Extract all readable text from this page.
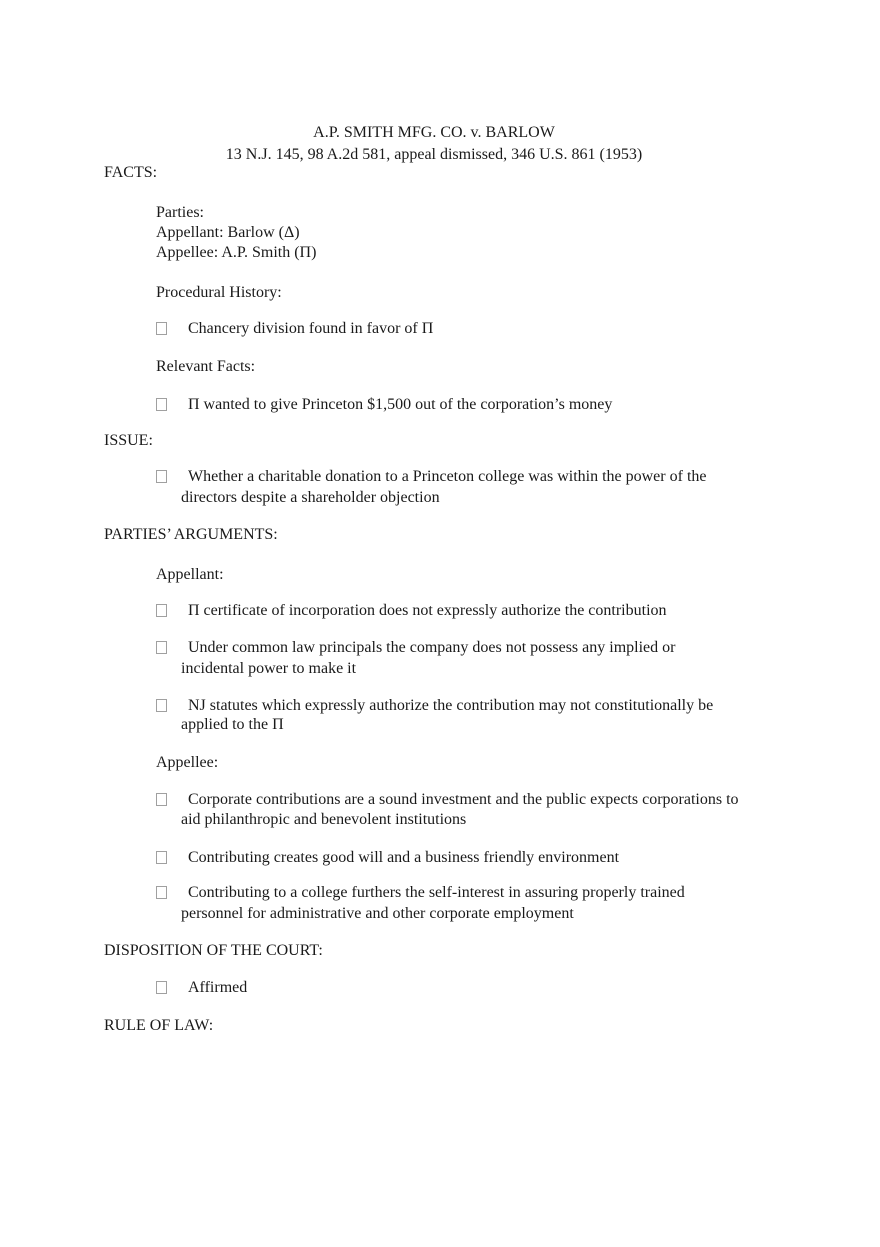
A.P. SMITH MFG. CO. v. BARLOW
13 N.J. 145, 98 A.2d 581, appeal dismissed, 346 U.S. 861 (1953)
FACTS:
Parties:
Appellant: Barlow (Δ)
Appellee: A.P. Smith (Π)
Procedural History:
Chancery division found in favor of Π
Relevant Facts:
Π wanted to give Princeton $1,500 out of the corporation’s money
ISSUE:
Whether a charitable donation to a Princeton college was within the power of the
directors despite a shareholder objection
PARTIES’ ARGUMENTS:
Appellant:
Π certificate of incorporation does not expressly authorize the contribution
Under common law principals the company does not possess any implied or
incidental power to make it
NJ statutes which expressly authorize the contribution may not constitutionally be
applied to the Π
Appellee:
Corporate contributions are a sound investment and the public expects corporations to
aid philanthropic and benevolent institutions
Contributing creates good will and a business friendly environment
Contributing to a college furthers the self-interest in assuring properly trained
personnel for administrative and other corporate employment
DISPOSITION OF THE COURT:
Affirmed
RULE OF LAW:
